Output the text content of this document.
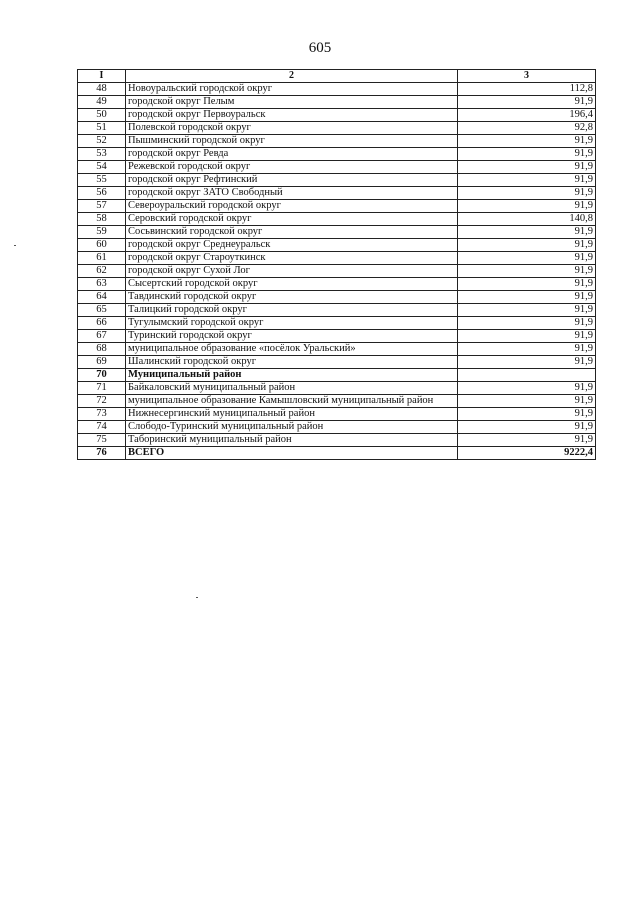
605
I	2	3
48	Новоуральский городской округ	112,8
49	городской округ Пелым	91,9
50	городской округ Первоуральск	196,4
51	Полевской городской округ	92,8
52	Пышминский городской округ	91,9
53	городской округ Ревда	91,9
54	Режевской городской округ	91,9
55	городской округ Рефтинский	91,9
56	городской округ ЗАТО Свободный	91,9
57	Североуральский городской округ	91,9
58	Серовский городской округ	140,8
59	Сосьвинский городской округ	91,9
60	городской округ Среднеуральск	91,9
61	городской округ Староуткинск	91,9
62	городской округ Сухой Лог	91,9
63	Сысертский городской округ	91,9
64	Тавдинский городской округ	91,9
65	Талицкий городской округ	91,9
66	Тугулымский городской округ	91,9
67	Туринский городской округ	91,9
68	муниципальное образование «посёлок Уральский»	91,9
69	Шалинский городской округ	91,9
70	Муниципальный район	
71	Байкаловский муниципальный район	91,9
72	муниципальное образование Камышловский муниципальный район	91,9
73	Нижнесергинский муниципальный район	91,9
74	Слободо-Туринский муниципальный район	91,9
75	Таборинский муниципальный район	91,9
76	ВСЕГО	9222,4
